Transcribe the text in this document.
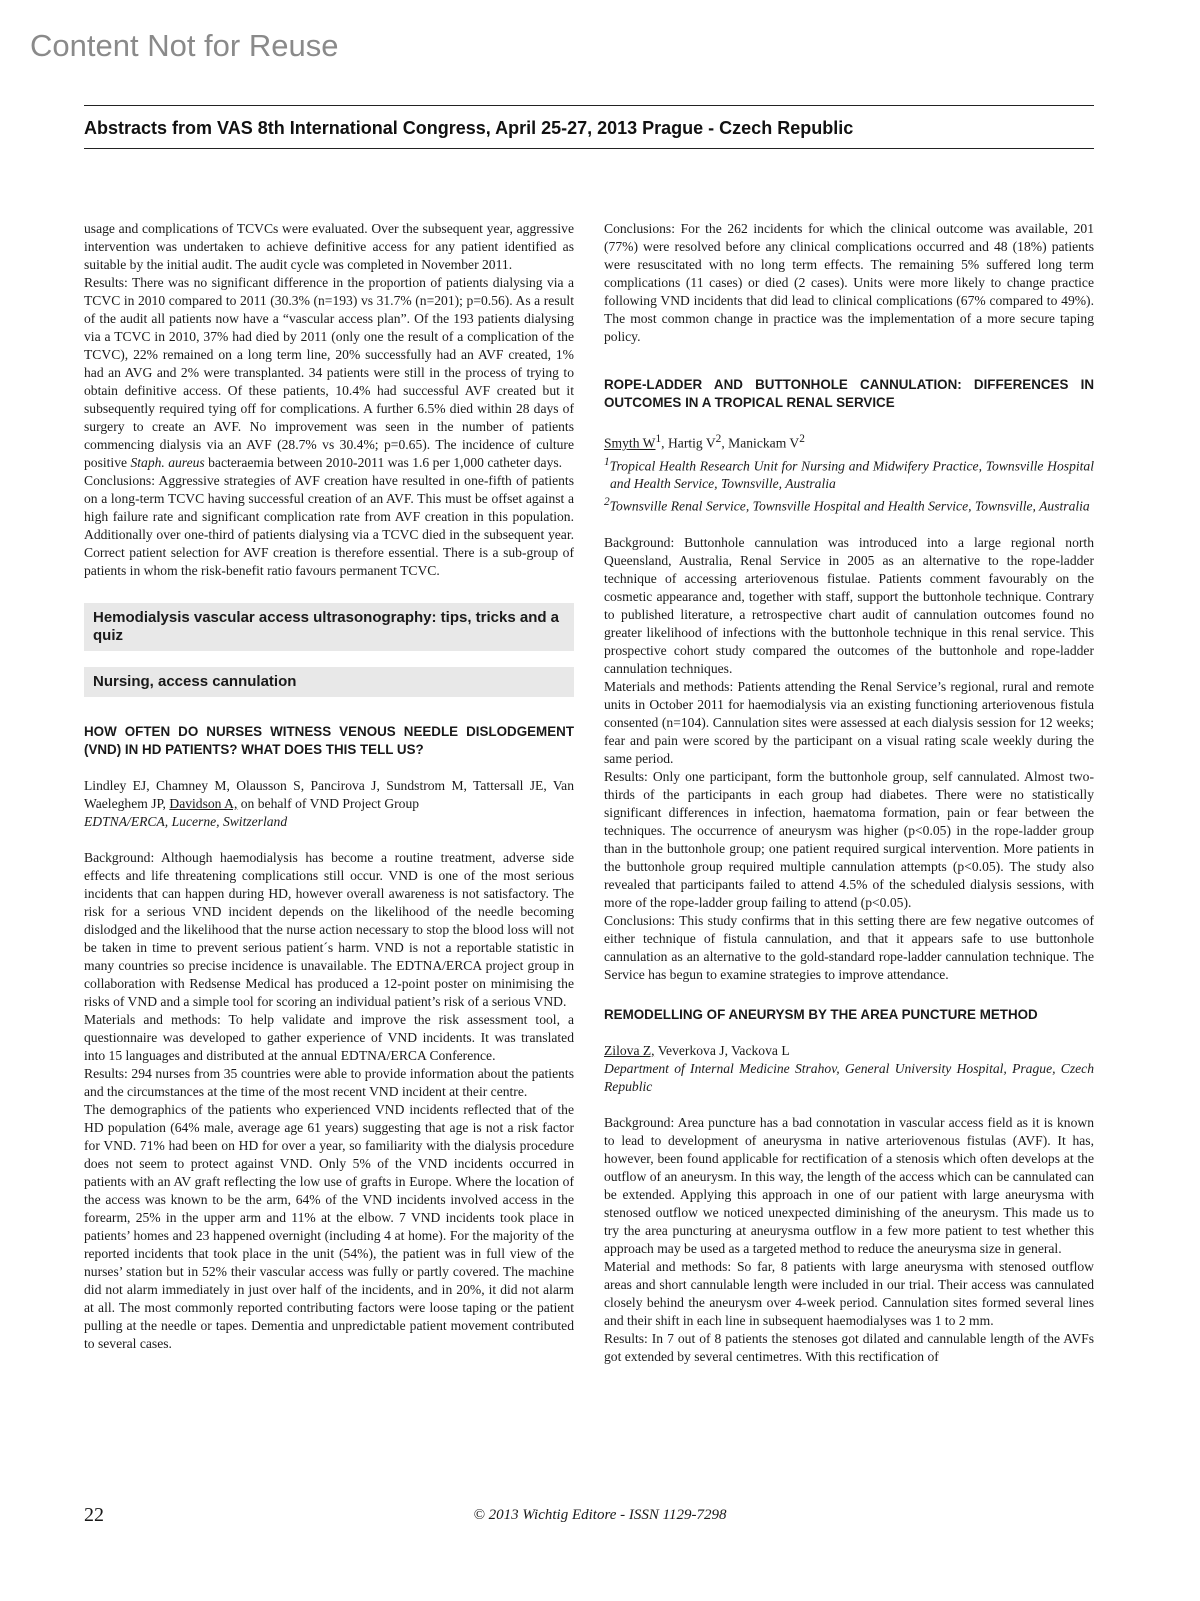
Content Not for Reuse
Abstracts from VAS 8th International Congress, April 25-27, 2013 Prague - Czech Republic

usage and complications of TCVCs were evaluated. Over the subsequent year, aggressive intervention was undertaken to achieve definitive access for any patient identified as suitable by the initial audit. The audit cycle was completed in November 2011.

Results: There was no significant difference in the proportion of patients dialysing via a TCVC in 2010 compared to 2011 (30.3% (n=193) vs 31.7% (n=201); p=0.56). As a result of the audit all patients now have a “vascular access plan”. Of the 193 patients dialysing via a TCVC in 2010, 37% had died by 2011 (only one the result of a complication of the TCVC), 22% remained on a long term line, 20% successfully had an AVF created, 1% had an AVG and 2% were transplanted. 34 patients were still in the process of trying to obtain definitive access. Of these patients, 10.4% had successful AVF created but it subsequently required tying off for complications. A further 6.5% died within 28 days of surgery to create an AVF. No improvement was seen in the number of patients commencing dialysis via an AVF (28.7% vs 30.4%; p=0.65). The incidence of culture positive Staph. aureus bacteraemia between 2010-2011 was 1.6 per 1,000 catheter days.

Conclusions: Aggressive strategies of AVF creation have resulted in one-fifth of patients on a long-term TCVC having successful creation of an AVF. This must be offset against a high failure rate and significant complication rate from AVF creation in this population. Additionally over one-third of patients dialysing via a TCVC died in the subsequent year. Correct patient selection for AVF creation is therefore essential. There is a sub-group of patients in whom the risk-benefit ratio favours permanent TCVC.

Hemodialysis vascular access ultrasonography: tips, tricks and a quiz
Nursing, access cannulation

HOW OFTEN DO NURSES WITNESS VENOUS NEEDLE DISLODGEMENT (VND) IN HD PATIENTS? WHAT DOES THIS TELL US?

Lindley EJ, Chamney M, Olausson S, Pancirova J, Sundstrom M, Tattersall JE, Van Waeleghem JP, Davidson A, on behalf of VND Project Group

EDTNA/ERCA, Lucerne, Switzerland

Background: Although haemodialysis has become a routine treatment, adverse side effects and life threatening complications still occur. VND is one of the most serious incidents that can happen during HD, however overall awareness is not satisfactory. The risk for a serious VND incident depends on the likelihood of the needle becoming dislodged and the likelihood that the nurse action necessary to stop the blood loss will not be taken in time to prevent serious patient´s harm. VND is not a reportable statistic in many countries so precise incidence is unavailable. The EDTNA/ERCA project group in collaboration with Redsense Medical has produced a 12-point poster on minimising the risks of VND and a simple tool for scoring an individual patient’s risk of a serious VND.

Materials and methods: To help validate and improve the risk assessment tool, a questionnaire was developed to gather experience of VND incidents. It was translated into 15 languages and distributed at the annual EDTNA/ERCA Conference.

Results: 294 nurses from 35 countries were able to provide information about the patients and the circumstances at the time of the most recent VND incident at their centre.

The demographics of the patients who experienced VND incidents reflected that of the HD population (64% male, average age 61 years) suggesting that age is not a risk factor for VND. 71% had been on HD for over a year, so familiarity with the dialysis procedure does not seem to protect against VND. Only 5% of the VND incidents occurred in patients with an AV graft reflecting the low use of grafts in Europe. Where the location of the access was known to be the arm, 64% of the VND incidents involved access in the forearm, 25% in the upper arm and 11% at the elbow. 7 VND incidents took place in patients’ homes and 23 happened overnight (including 4 at home). For the majority of the reported incidents that took place in the unit (54%), the patient was in full view of the nurses’ station but in 52% their vascular access was fully or partly covered. The machine did not alarm immediately in just over half of the incidents, and in 20%, it did not alarm at all. The most commonly reported contributing factors were loose taping or the patient pulling at the needle or tapes. Dementia and unpredictable patient movement contributed to several cases.

Conclusions: For the 262 incidents for which the clinical outcome was available, 201 (77%) were resolved before any clinical complications occurred and 48 (18%) patients were resuscitated with no long term effects. The remaining 5% suffered long term complications (11 cases) or died (2 cases). Units were more likely to change practice following VND incidents that did lead to clinical complications (67% compared to 49%). The most common change in practice was the implementation of a more secure taping policy.

ROPE-LADDER AND BUTTONHOLE CANNULATION: DIFFERENCES IN OUTCOMES IN A TROPICAL RENAL SERVICE

Smyth $W^1$, Hartig $V^2$, Manickam $V^2$

$^1$Tropical Health Research Unit for Nursing and Midwifery Practice, Townsville Hospital and Health Service, Townsville, Australia

$^2$Townsville Renal Service, Townsville Hospital and Health Service, Townsville, Australia

Background: Buttonhole cannulation was introduced into a large regional north Queensland, Australia, Renal Service in 2005 as an alternative to the rope-ladder technique of accessing arteriovenous fistulae. Patients comment favourably on the cosmetic appearance and, together with staff, support the buttonhole technique. Contrary to published literature, a retrospective chart audit of cannulation outcomes found no greater likelihood of infections with the buttonhole technique in this renal service. This prospective cohort study compared the outcomes of the buttonhole and rope-ladder cannulation techniques.

Materials and methods: Patients attending the Renal Service’s regional, rural and remote units in October 2011 for haemodialysis via an existing functioning arteriovenous fistula consented (n=104). Cannulation sites were assessed at each dialysis session for 12 weeks; fear and pain were scored by the participant on a visual rating scale weekly during the same period.

Results: Only one participant, form the buttonhole group, self cannulated. Almost two-thirds of the participants in each group had diabetes. There were no statistically significant differences in infection, haematoma formation, pain or fear between the techniques. The occurrence of aneurysm was higher (p<0.05) in the rope-ladder group than in the buttonhole group; one patient required surgical intervention. More patients in the buttonhole group required multiple cannulation attempts (p<0.05). The study also revealed that participants failed to attend 4.5% of the scheduled dialysis sessions, with more of the rope-ladder group failing to attend (p<0.05).

Conclusions: This study confirms that in this setting there are few negative outcomes of either technique of fistula cannulation, and that it appears safe to use buttonhole cannulation as an alternative to the gold-standard rope-ladder cannulation technique. The Service has begun to examine strategies to improve attendance.

REMODELLING OF ANEURYSM BY THE AREA PUNCTURE METHOD

Zilova Z, Veverkova J, Vackova L

Department of Internal Medicine Strahov, General University Hospital, Prague, Czech Republic

Background: Area puncture has a bad connotation in vascular access field as it is known to lead to development of aneurysma in native arteriovenous fistulas (AVF). It has, however, been found applicable for rectification of a stenosis which often develops at the outflow of an aneurysm. In this way, the length of the access which can be cannulated can be extended. Applying this approach in one of our patient with large aneurysma with stenosed outflow we noticed unexpected diminishing of the aneurysm. This made us to try the area puncturing at aneurysma outflow in a few more patient to test whether this approach may be used as a targeted method to reduce the aneurysma size in general.

Material and methods: So far, 8 patients with large aneurysma with stenosed outflow areas and short cannulable length were included in our trial. Their access was cannulated closely behind the aneurysm over 4-week period. Cannulation sites formed several lines and their shift in each line in subsequent haemodialyses was 1 to 2 mm.

Results: In 7 out of 8 patients the stenoses got dilated and cannulable length of the AVFs got extended by several centimetres. With this rectification of

22	© 2013 Wichtig Editore - ISSN 1129-7298
